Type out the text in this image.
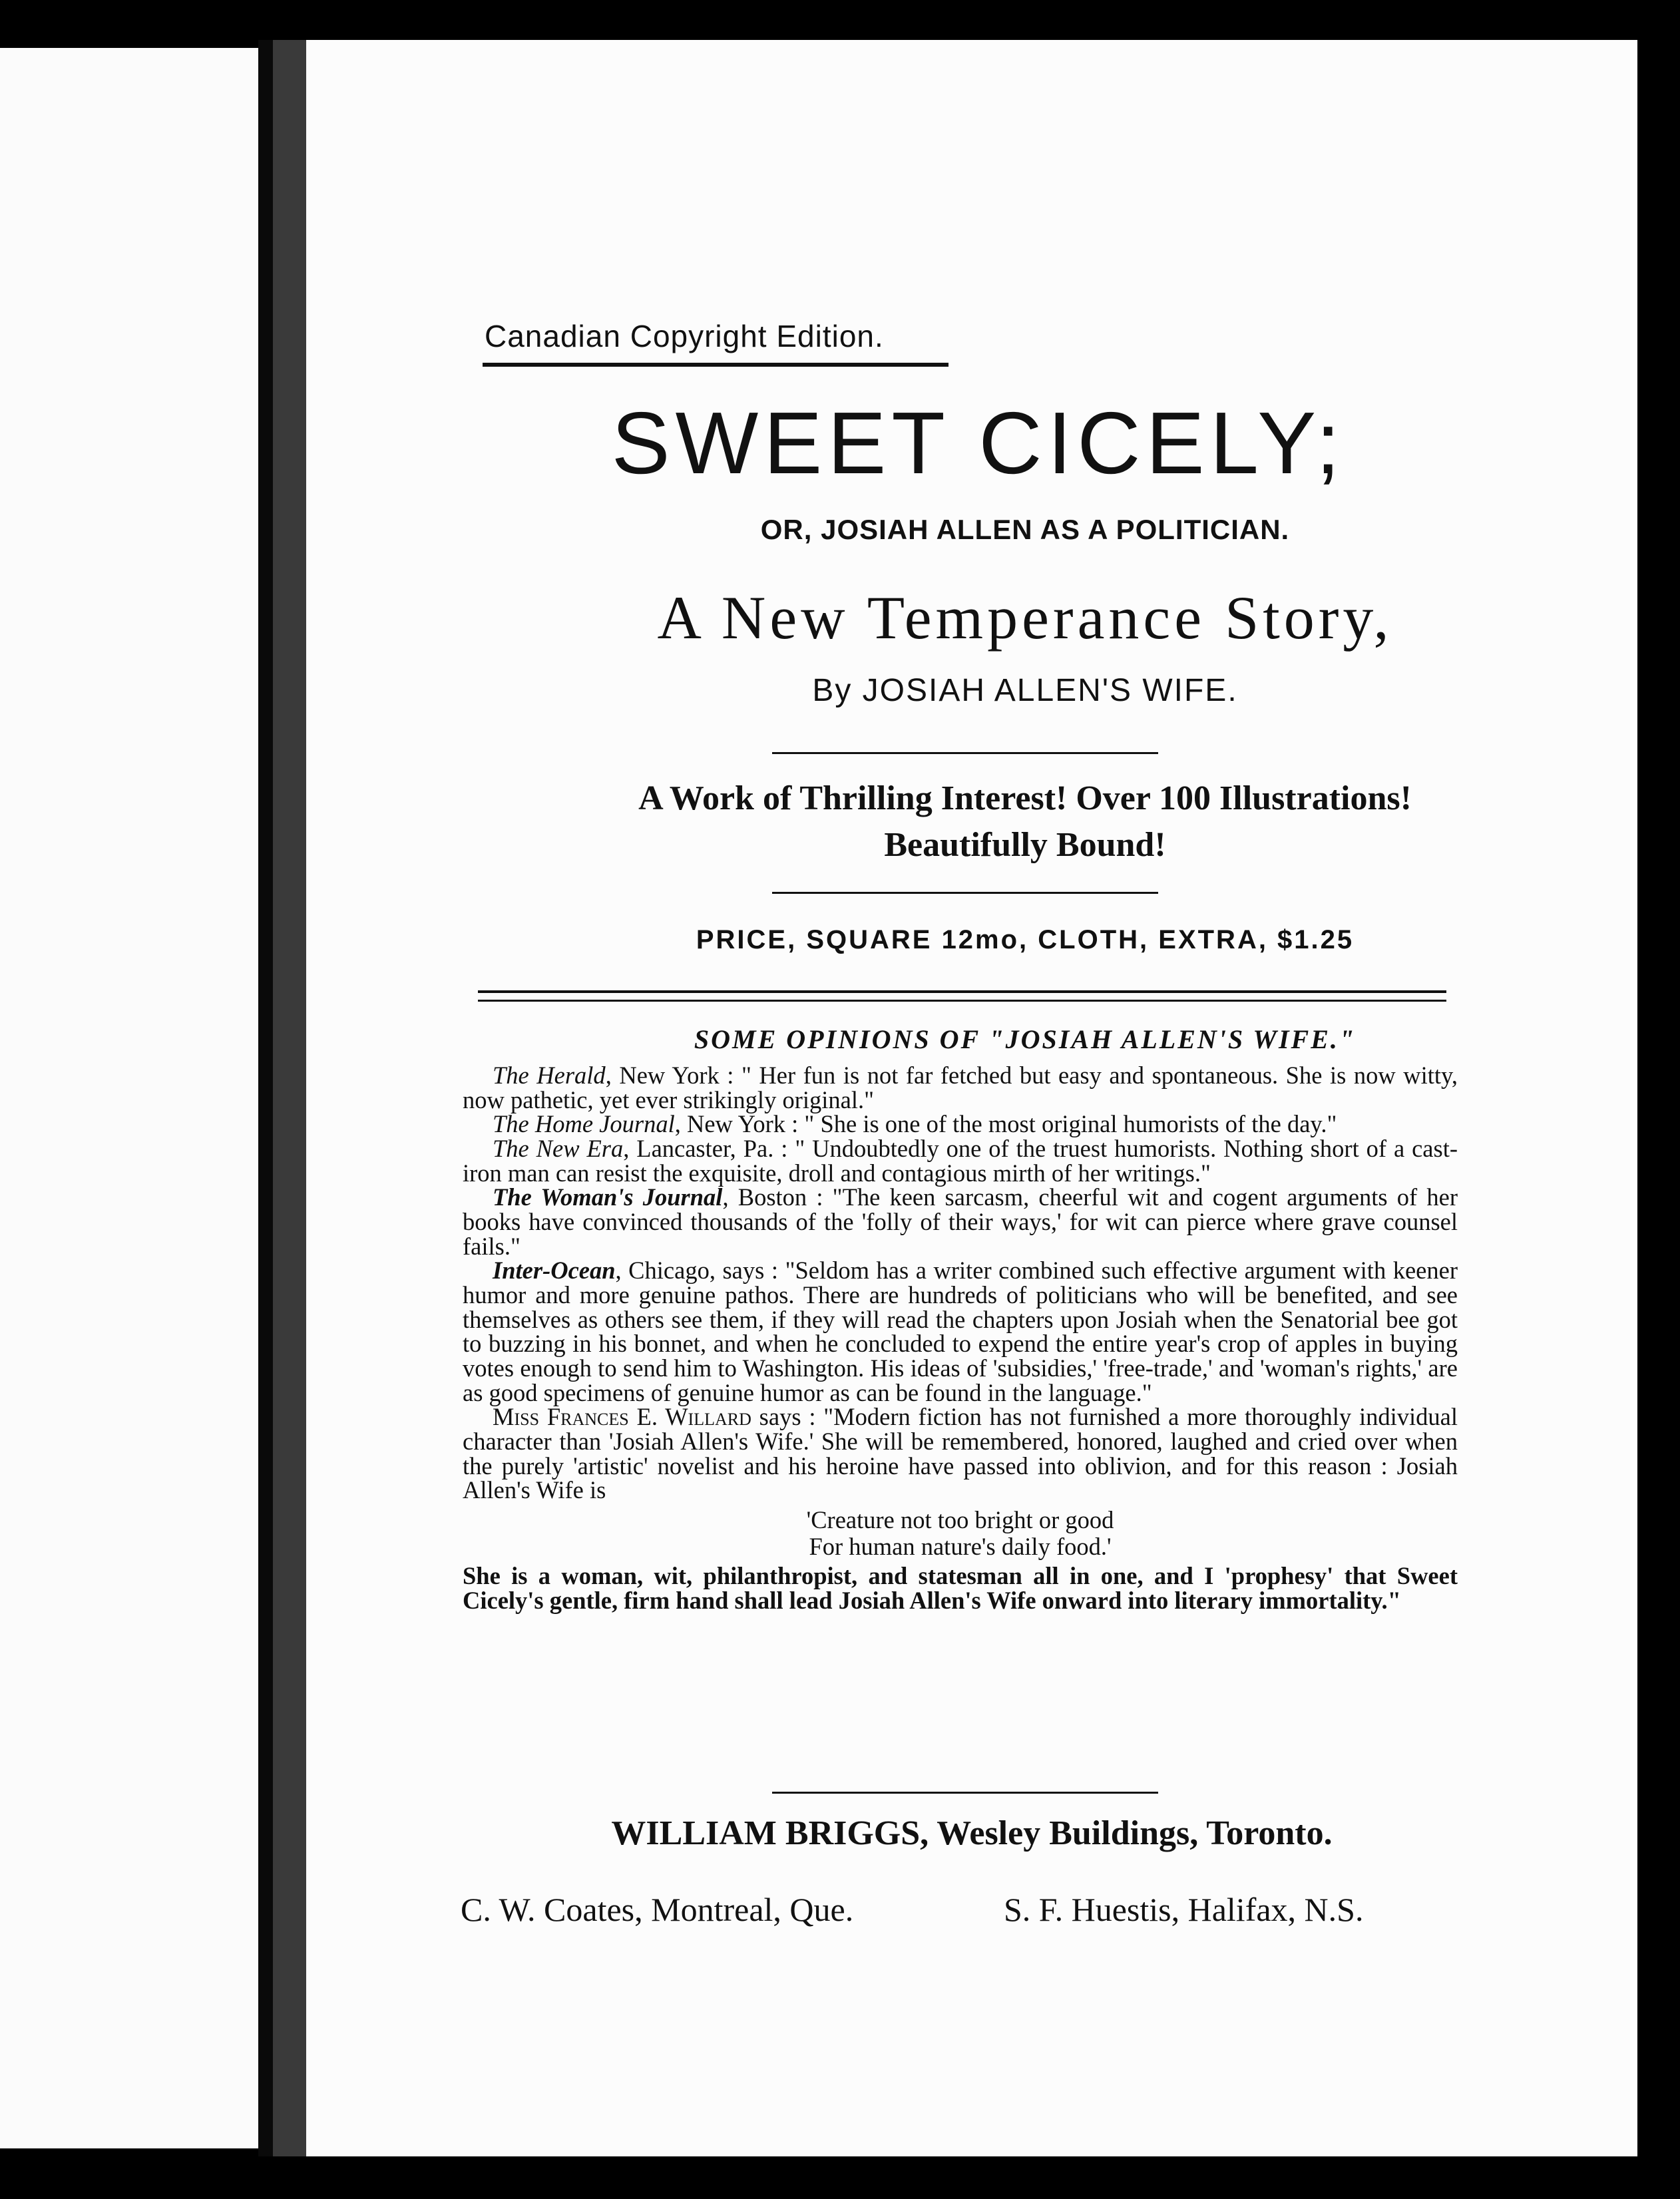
Canadian Copyright Edition.
SWEET CICELY;
OR, JOSIAH ALLEN AS A POLITICIAN.
A New Temperance Story,
By JOSIAH ALLEN'S WIFE.
A Work of Thrilling Interest! Over 100 Illustrations!
Beautifully Bound!
PRICE, SQUARE 12mo, CLOTH, EXTRA, $1.25
SOME OPINIONS OF "JOSIAH ALLEN'S WIFE."

The Herald, New York : " Her fun is not far fetched but easy and spontaneous. She is now witty, now pathetic, yet ever strikingly original."

The Home Journal, New York : " She is one of the most original humorists of the day."

The New Era, Lancaster, Pa. : " Undoubtedly one of the truest humorists. Nothing short of a cast-iron man can resist the exquisite, droll and contagious mirth of her writings."

The Woman's Journal, Boston : "The keen sarcasm, cheerful wit and cogent arguments of her books have convinced thousands of the 'folly of their ways,' for wit can pierce where grave counsel fails."

Inter-Ocean, Chicago, says : "Seldom has a writer combined such effective argument with keener humor and more genuine pathos. There are hundreds of politicians who will be benefited, and see themselves as others see them, if they will read the chapters upon Josiah when the Senatorial bee got to buzzing in his bonnet, and when he concluded to expend the entire year's crop of apples in buying votes enough to send him to Washington. His ideas of 'subsidies,' 'free-trade,' and 'woman's rights,' are as good specimens of genuine humor as can be found in the language."

Miss Frances E. Willard says : "Modern fiction has not furnished a more thoroughly individual character than 'Josiah Allen's Wife.' She will be remembered, honored, laughed and cried over when the purely 'artistic' novelist and his heroine have passed into oblivion, and for this reason : Josiah Allen's Wife is

'Creature not too bright or good
For human nature's daily food.'

She is a woman, wit, philanthropist, and statesman all in one, and I 'prophesy' that Sweet Cicely's gentle, firm hand shall lead Josiah Allen's Wife onward into literary immortality."

WILLIAM BRIGGS, Wesley Buildings, Toronto.
C. W. Coates, Montreal, Que.	S. F. Huestis, Halifax, N.S.
